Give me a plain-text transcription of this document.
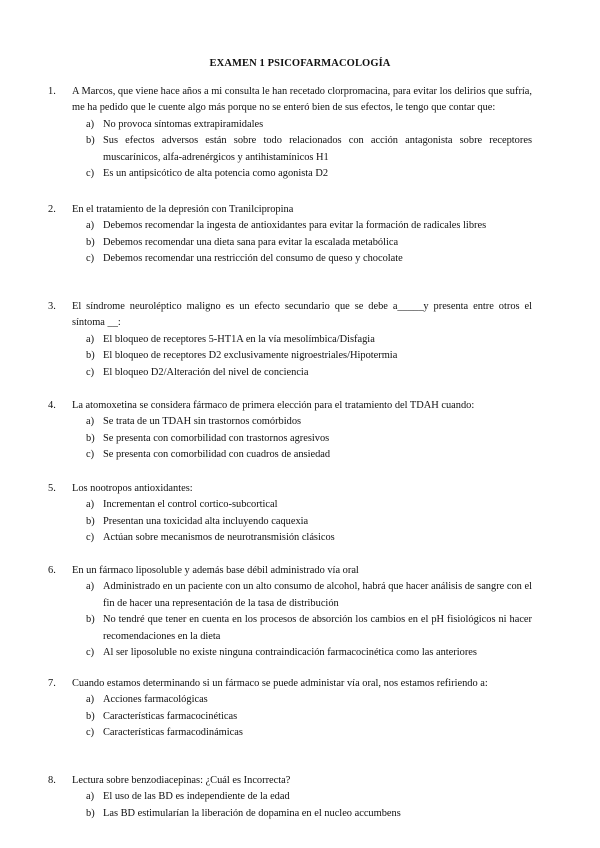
EXAMEN 1 PSICOFARMACOLOGÍA
1.	A Marcos, que viene hace años a mi consulta le han recetado clorpromacina, para evitar los delirios que sufría, me ha pedido que le cuente algo más porque no se enteró bien de sus efectos, le tengo que contar que:
a) No provoca síntomas extrapiramidales
b) Sus efectos adversos están sobre todo relacionados con acción antagonista sobre receptores muscarínicos, alfa-adrenérgicos y antihistamínicos H1
c) Es un antipsicótico de alta potencia como agonista D2
2.	En el tratamiento de la depresión con Tranilcipropina
a) Debemos recomendar la ingesta de antioxidantes para evitar la formación de radicales libres
b) Debemos recomendar una dieta sana para evitar la escalada metabólica
c) Debemos recomendar una restricción del consumo de queso y chocolate
3.	El síndrome neuroléptico maligno es un efecto secundario que se debe a_____y presenta entre otros el síntoma __:
a) El bloqueo de receptores 5-HT1A en la vía mesolímbica/Disfagia
b) El bloqueo de receptores D2 exclusivamente nigroestriales/Hipotermia
c) El bloqueo D2/Alteración del nivel de conciencia
4.	La atomoxetina se considera fármaco de primera elección para el tratamiento del TDAH cuando:
a) Se trata de un TDAH sin trastornos comórbidos
b) Se presenta con comorbilidad con trastornos agresivos
c) Se presenta con comorbilidad con cuadros de ansiedad
5.	Los nootropos antioxidantes:
a) Incrementan el control cortico-subcortical
b) Presentan una toxicidad alta incluyendo caquexia
c) Actúan sobre mecanismos de neurotransmisión clásicos
6.	En un fármaco liposoluble y además base débil administrado vía oral
a) Administrado en un paciente con un alto consumo de alcohol, habrá que hacer análisis de sangre con el fin de hacer una representación de la tasa de distribución
b) No tendré que tener en cuenta en los procesos de absorción los cambios en el pH fisiológicos ni hacer recomendaciones en la dieta
c) Al ser liposoluble no existe ninguna contraindicación farmacocinética como las anteriores
7.	Cuando estamos determinando si un fármaco se puede administar vía oral, nos estamos refiriendo a:
a) Acciones farmacológicas
b) Características farmacocinéticas
c) Características farmacodinámicas
8.	Lectura sobre benzodiacepinas: ¿Cuál es Incorrecta?
a) El uso de las BD es independiente de la edad
b) Las BD estimularían la liberación de dopamina en el nucleo accumbens
